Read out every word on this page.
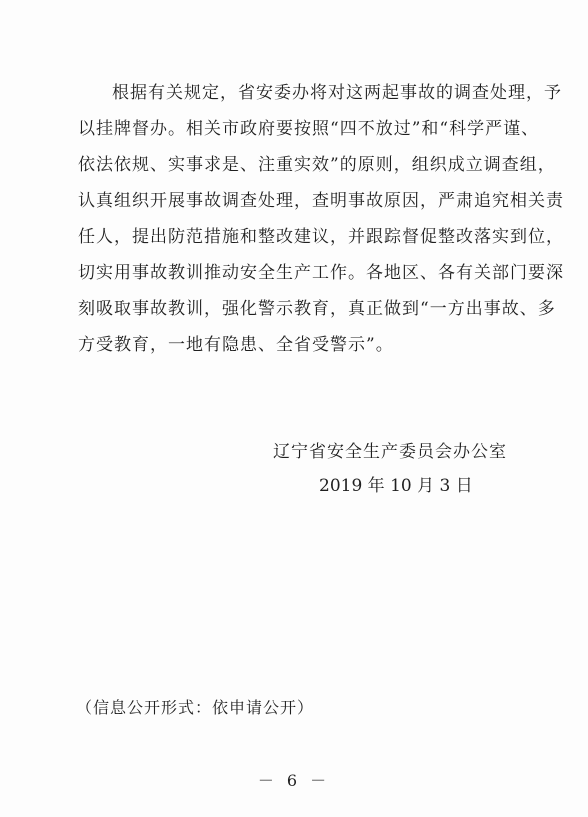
根据有关规定，省安委办将对这两起事故的调查处理，予
以挂牌督办。相关市政府要按照“四不放过”和“科学严谨、
依法依规、实事求是、注重实效”的原则，组织成立调查组，
认真组织开展事故调查处理，查明事故原因，严肃追究相关责
任人，提出防范措施和整改建议，并跟踪督促整改落实到位，
切实用事故教训推动安全生产工作。各地区、各有关部门要深
刻吸取事故教训，强化警示教育，真正做到“一方出事故、多
方受教育，一地有隐患、全省受警示”。
辽宁省安全生产委员会办公室
2019 年 10 月 3 日
（信息公开形式：依申请公开）
－ 6 －
